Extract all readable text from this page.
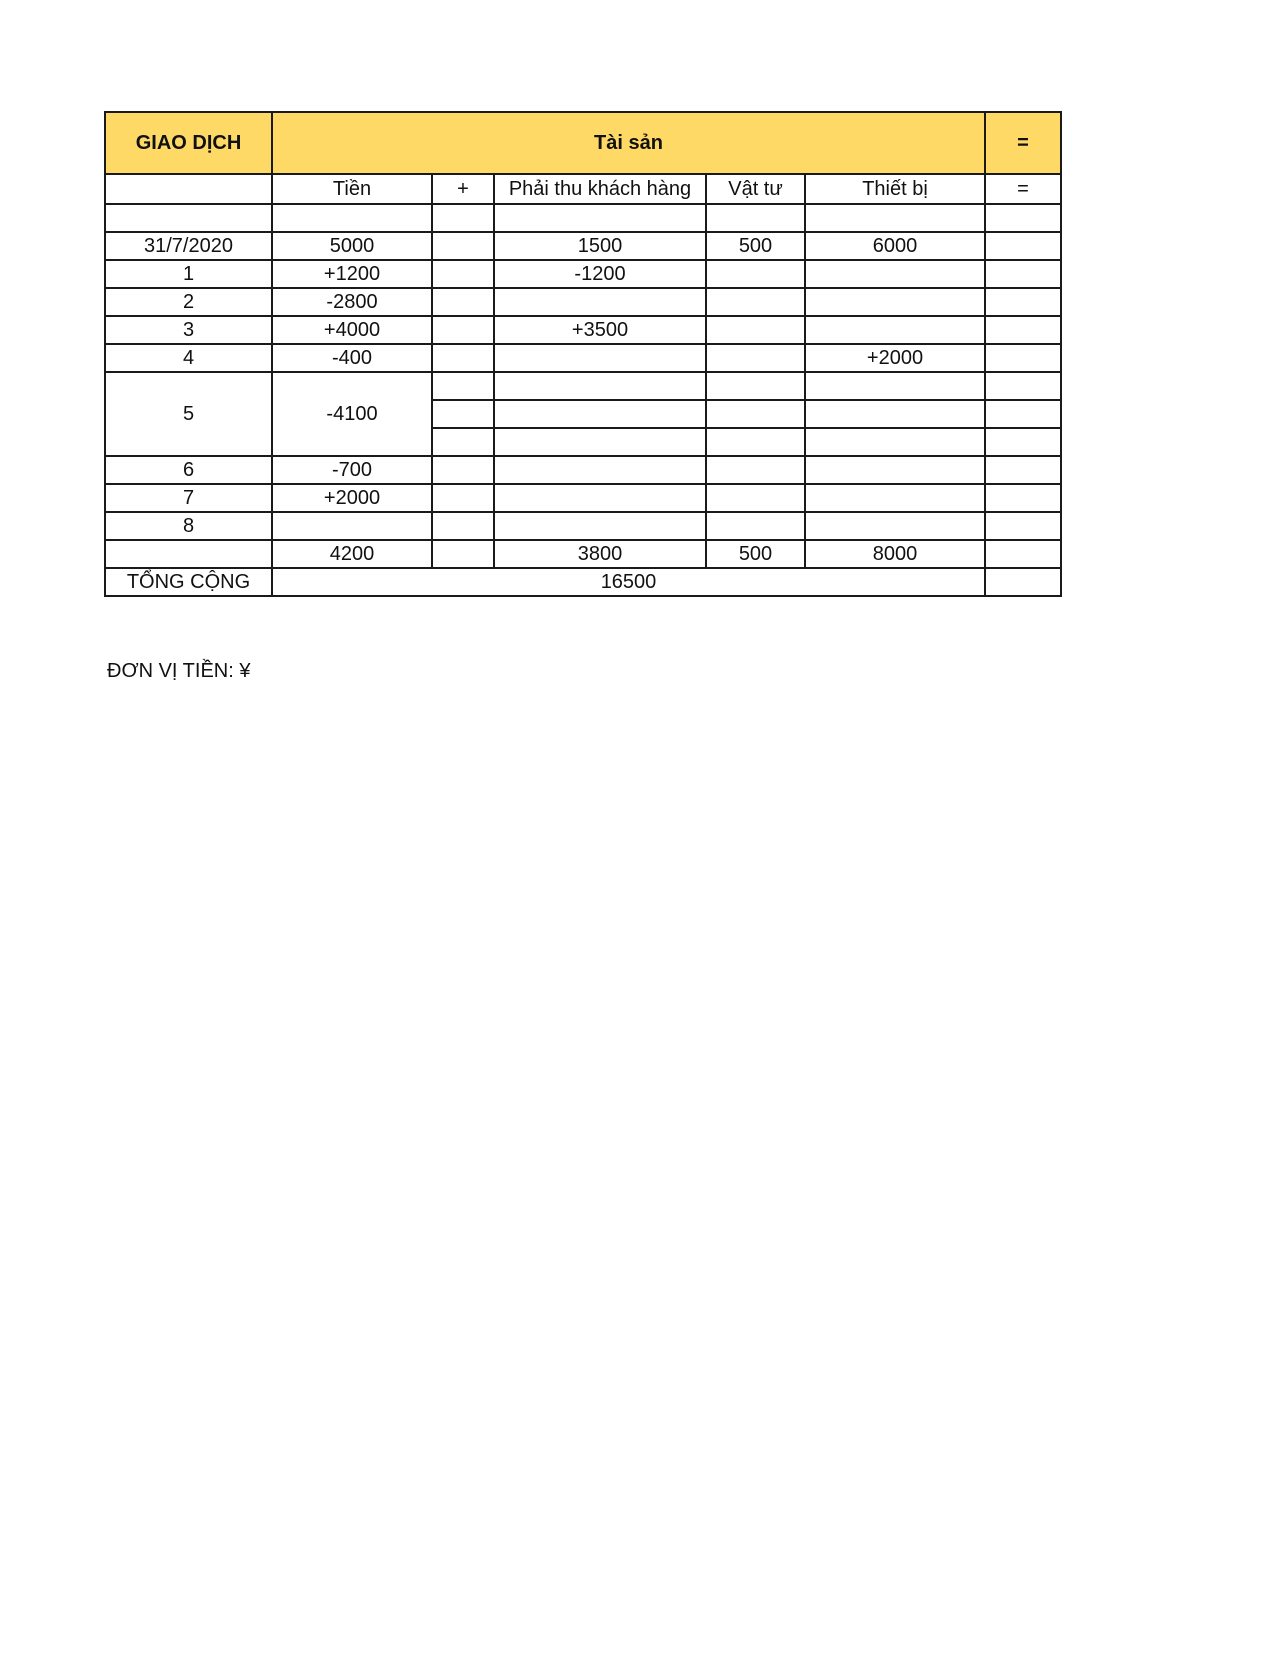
GIAO DỊCH	Tài sản					=
	Tiền	+	Phải thu khách hàng	Vật tư	Thiết bị	=

31/7/2020	5000		1500	500	6000	
1	+1200		-1200			
2	-2800					
3	+4000		+3500			
4	-400				+2000	
5	-4100					

6	-700					
7	+2000					
8						
	4200		3800	500	8000	
TỔNG CỘNG	16500					
ĐƠN VỊ TIỀN: ¥
